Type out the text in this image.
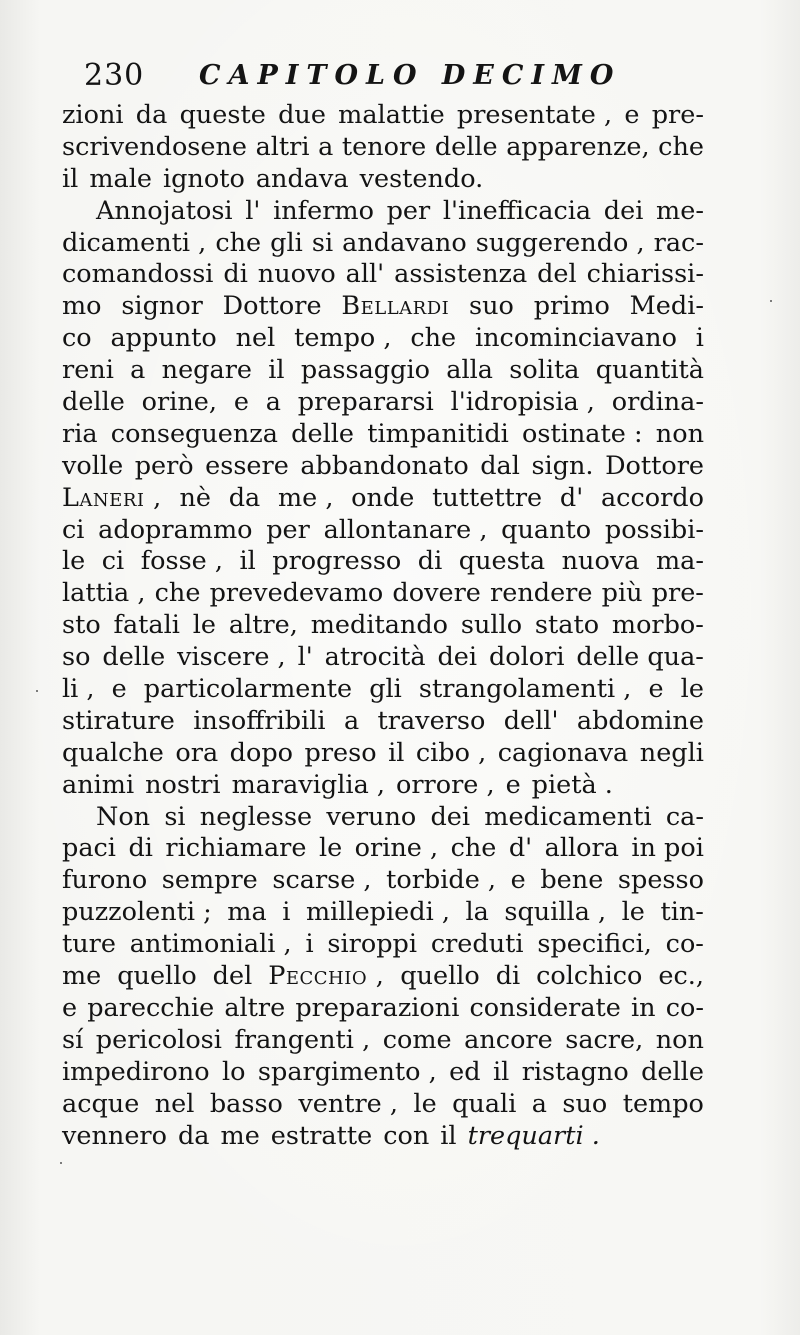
230 CAPITOLO DECIMO
zioni da queste due malattie presentate , e pre-
scrivendosene altri a tenore delle apparenze, che
il male ignoto andava vestendo.
Annojatosi l' infermo per l'inefficacia dei me-
dicamenti , che gli si andavano suggerendo , rac-
comandossi di nuovo all' assistenza del chiarissi-
mo signor Dottore Bellardi suo primo Medi-
co appunto nel tempo , che incominciavano i
reni a negare il passaggio alla solita quantità
delle orine, e a prepararsi l'idropisia , ordina-
ria conseguenza delle timpanitidi ostinate : non
volle però essere abbandonato dal sign. Dottore
Laneri , nè da me , onde tuttettre d' accordo
ci adoprammo per allontanare , quanto possibi-
le ci fosse , il progresso di questa nuova ma-
lattia , che prevedevamo dovere rendere più pre-
sto fatali le altre, meditando sullo stato morbo-
so delle viscere , l' atrocità dei dolori delle qua-
li , e particolarmente gli strangolamenti , e le
stirature insoffribili a traverso dell' abdomine
qualche ora dopo preso il cibo , cagionava negli
animi nostri maraviglia , orrore , e pietà .
Non si neglesse veruno dei medicamenti ca-
paci di richiamare le orine , che d' allora in poi
furono sempre scarse , torbide , e bene spesso
puzzolenti ; ma i millepiedi , la squilla , le tin-
ture antimoniali , i siroppi creduti specifici, co-
me quello del Pecchio , quello di colchico ec.,
e parecchie altre preparazioni considerate in co-
sí pericolosi frangenti , come ancore sacre, non
impedirono lo spargimento , ed il ristagno delle
acque nel basso ventre , le quali a suo tempo
vennero da me estratte con il trequarti .
